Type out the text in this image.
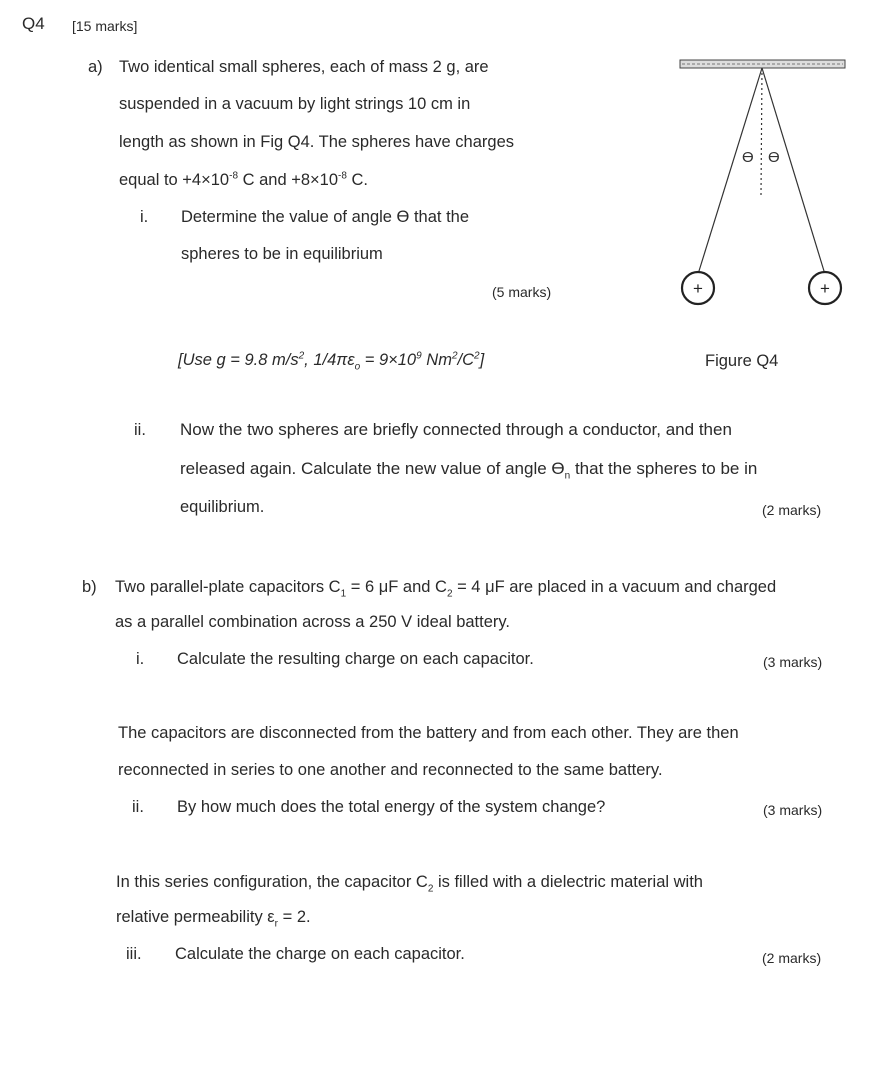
Q4 [15 marks]
a) Two identical small spheres, each of mass 2 g, are
suspended in a vacuum by light strings 10 cm in
length as shown in Fig Q4. The spheres have charges
equal to $+4\times 10^{-8}$ C and $+8\times 10^{-8}$ C.
i. Determine the value of angle ϴ that the
spheres to be in equilibrium
(5 marks)
[Use g = 9.8 $m/s^2$, $1/4\pi\varepsilon_o = 9\times 10^9$ $Nm^2/C^2$]
ϴ ϴ
+	+
Figure Q4
ii. Now the two spheres are briefly connected through a conductor, and then
released again. Calculate the new value of angle $ϴ_n$ that the spheres to be in
equilibrium.	(2 marks)
b) Two parallel-plate capacitors $C_1 = 6$ μF and $C_2 = 4$ μF are placed in a vacuum and charged
as a parallel combination across a 250 V ideal battery.
i. Calculate the resulting charge on each capacitor.	(3 marks)
The capacitors are disconnected from the battery and from each other. They are then
reconnected in series to one another and reconnected to the same battery.
ii. By how much does the total energy of the system change?	(3 marks)
In this series configuration, the capacitor $C_2$ is filled with a dielectric material with
relative permeability $\varepsilon_r = 2$.
iii. Calculate the charge on each capacitor.	(2 marks)
